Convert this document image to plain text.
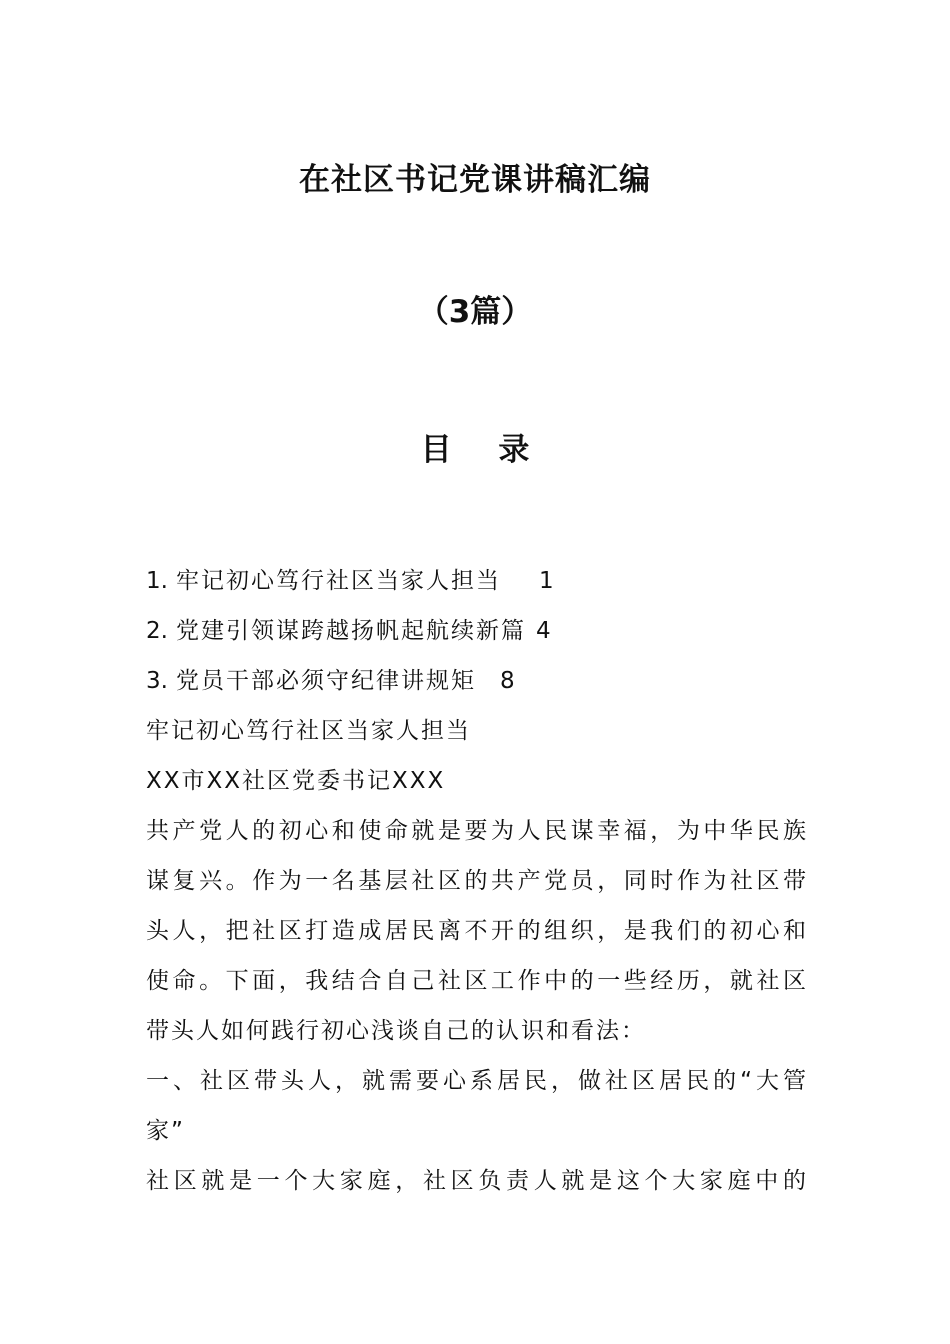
在社区书记党课讲稿汇编
（3篇）
目 录
1. 牢记初心笃行社区当家人担当 1
2. 党建引领谋跨越扬帆起航续新篇 4
3. 党员干部必须守纪律讲规矩 8
牢记初心笃行社区当家人担当
XX市XX社区党委书记XXX
共产党人的初心和使命就是要为人民谋幸福，为中华民族
谋复兴。作为一名基层社区的共产党员，同时作为社区带
头人，把社区打造成居民离不开的组织，是我们的初心和
使命。下面，我结合自己社区工作中的一些经历，就社区
带头人如何践行初心浅谈自己的认识和看法：
一、社区带头人，就需要心系居民，做社区居民的“大管
家”
社区就是一个大家庭，社区负责人就是这个大家庭中的
